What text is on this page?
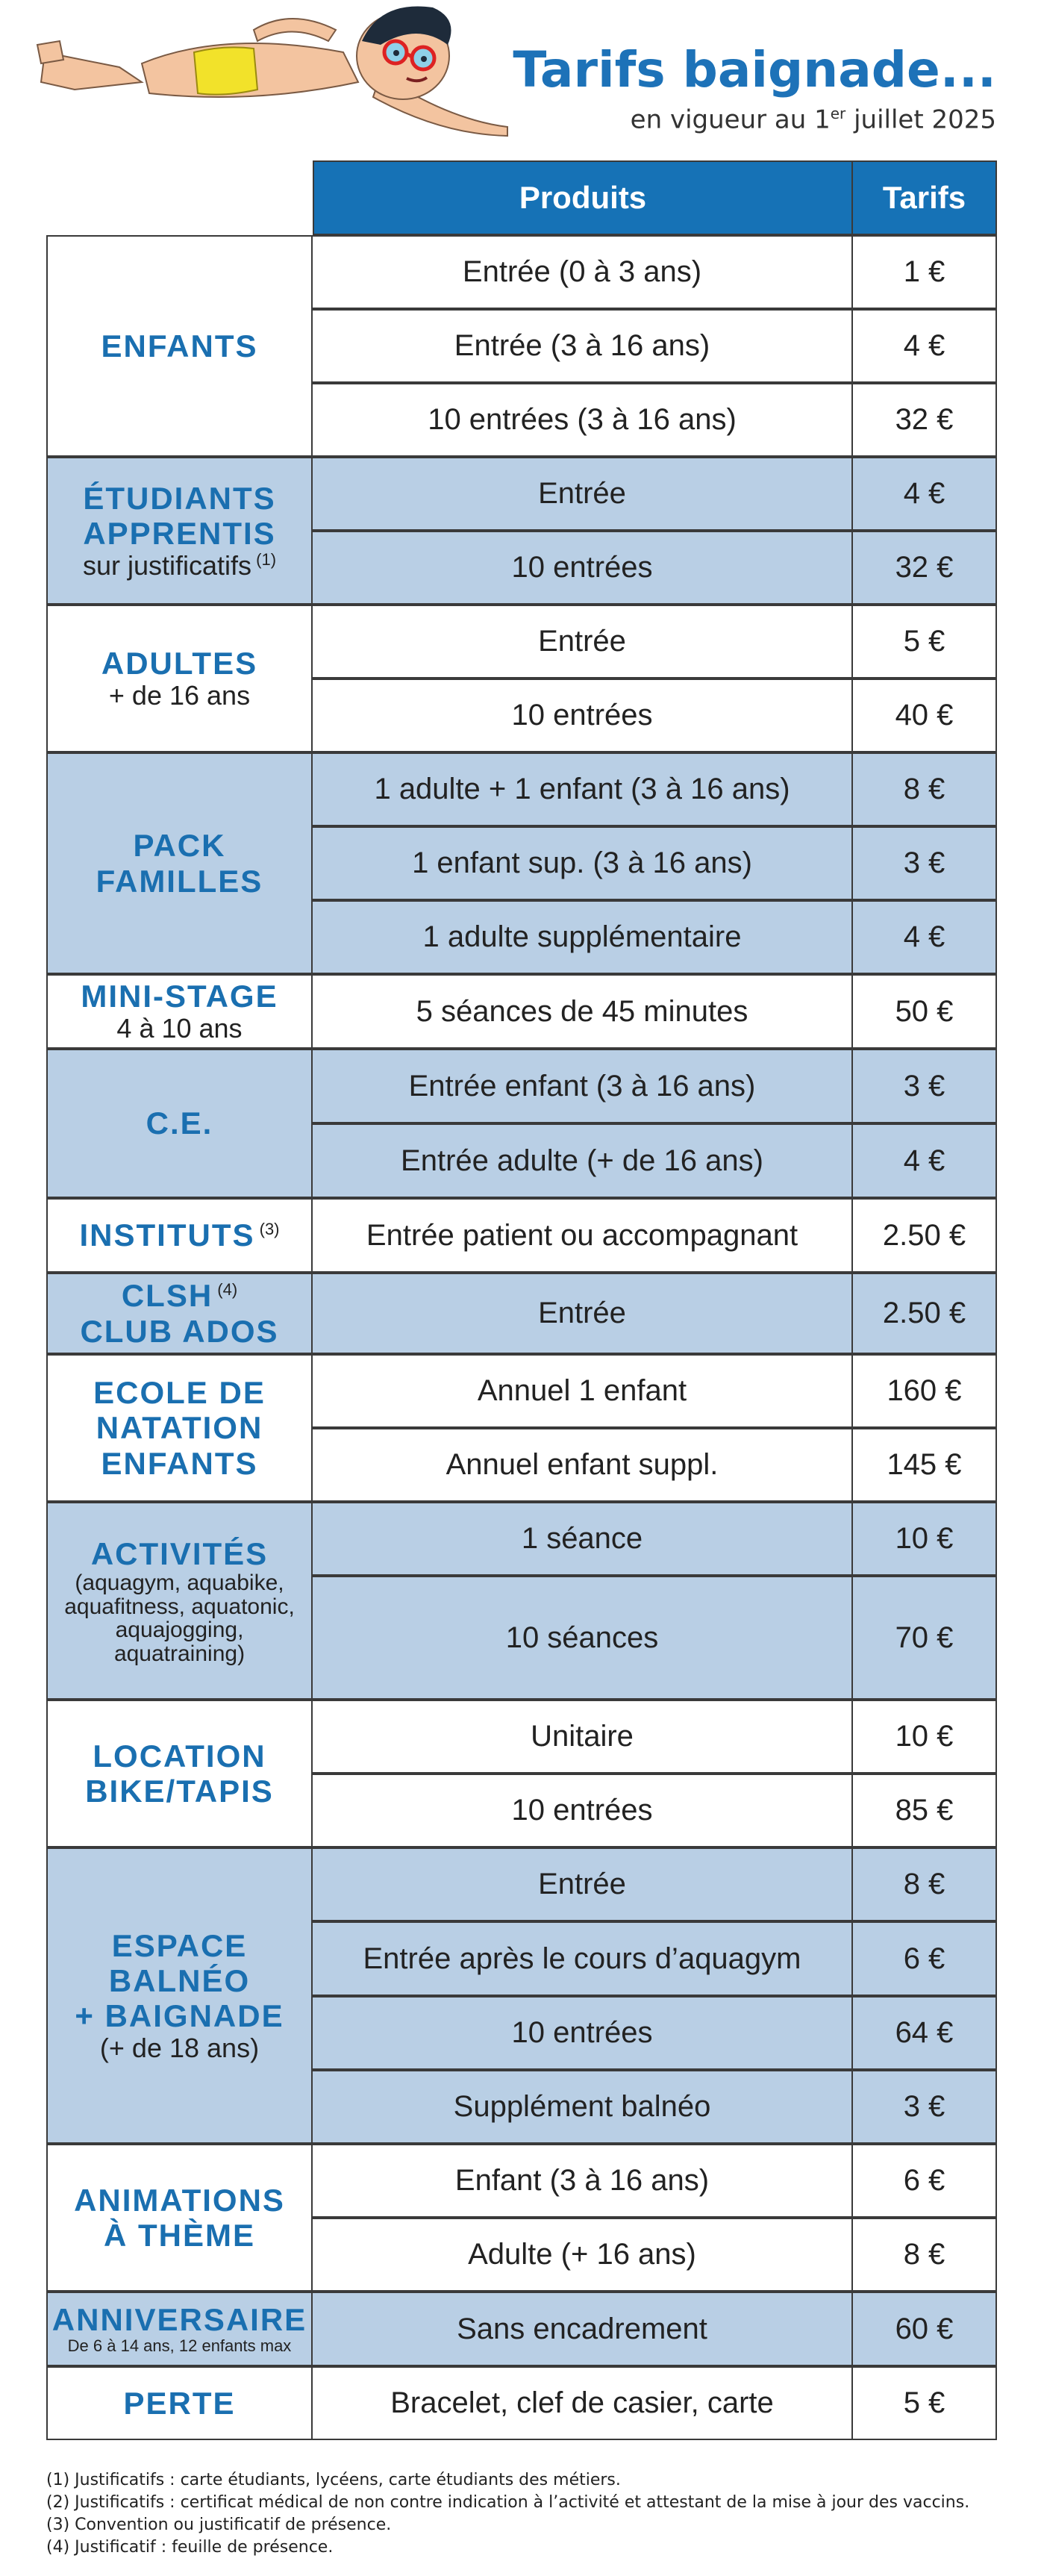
Tarifs baignade...
en vigueur au 1er juillet 2025
Produits	Tarifs
ENFANTS
Entrée (0 à 3 ans)	1 €
Entrée (3 à 16 ans)	4 €
10 entrées (3 à 16 ans)	32 €
ÉTUDIANTS
APPRENTIS
sur justificatifs $^{(1)}$
Entrée	4 €
10 entrées	32 €
ADULTES
+ de 16 ans
Entrée	5 €
10 entrées	40 €
PACK
FAMILLES
1 adulte + 1 enfant (3 à 16 ans)	8 €
1 enfant sup. (3 à 16 ans)	3 €
1 adulte supplémentaire	4 €
MINI-STAGE
4 à 10 ans
5 séances de 45 minutes	50 €
C.E.
Entrée enfant (3 à 16 ans)	3 €
Entrée adulte (+ de 16 ans)	4 €
INSTITUTS $^{(3)}$	Entrée patient ou accompagnant	2.50 €
CLSH $^{(4)}$
CLUB ADOS
Entrée	2.50 €
ECOLE DE
NATATION
ENFANTS
Annuel 1 enfant	160 €
Annuel enfant suppl.	145 €
ACTIVITÉS
(aquagym, aquabike, aquafitness, aquatonic, aquajogging, aquatraining)
1 séance	10 €
10 séances	70 €
LOCATION
BIKE/TAPIS
Unitaire	10 €
10 entrées	85 €
ESPACE
BALNÉO
+ BAIGNADE
(+ de 18 ans)
Entrée	8 €
Entrée après le cours d’aquagym	6 €
10 entrées	64 €
Supplément balnéo	3 €
ANIMATIONS
À THÈME
Enfant (3 à 16 ans)	6 €
Adulte (+ 16 ans)	8 €
ANNIVERSAIRE
De 6 à 14 ans, 12 enfants max
Sans encadrement	60 €
PERTE	Bracelet, clef de casier, carte	5 €
(1) Justificatifs : carte étudiants, lycéens, carte étudiants des métiers.
(2) Justificatifs : certificat médical de non contre indication à l’activité et attestant de la mise à jour des vaccins.
(3) Convention ou justificatif de présence.
(4) Justificatif : feuille de présence.
